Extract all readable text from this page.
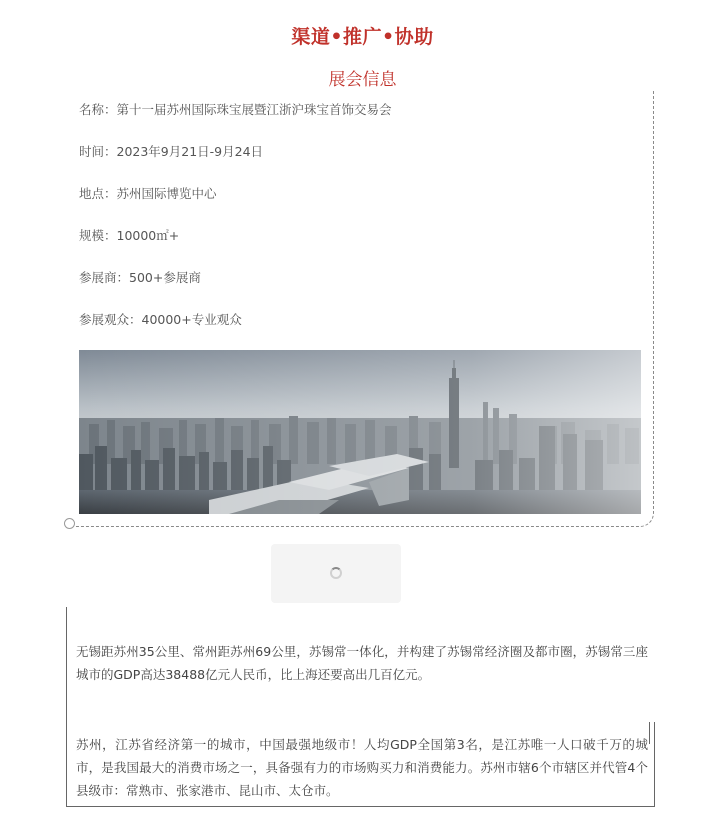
渠道•推广•协助
展会信息
名称：第十一届苏州国际珠宝展暨江浙沪珠宝首饰交易会
时间：2023年9月21日-9月24日
地点：苏州国际博览中心
规模：10000㎡+
参展商：500+参展商
参展观众：40000+专业观众

无锡距苏州35公里、常州距苏州69公里，苏锡常一体化，并构建了苏锡常经济圈及都市圈，苏锡常三座城市的GDP高达38488亿元人民币，比上海还要高出几百亿元。

苏州，江苏省经济第一的城市，中国最强地级市！人均GDP全国第3名，是江苏唯一人口破千万的城市，是我国最大的消费市场之一，具备强有力的市场购买力和消费能力。苏州市辖6个市辖区并代管4个县级市：常熟市、张家港市、昆山市、太仓市。
